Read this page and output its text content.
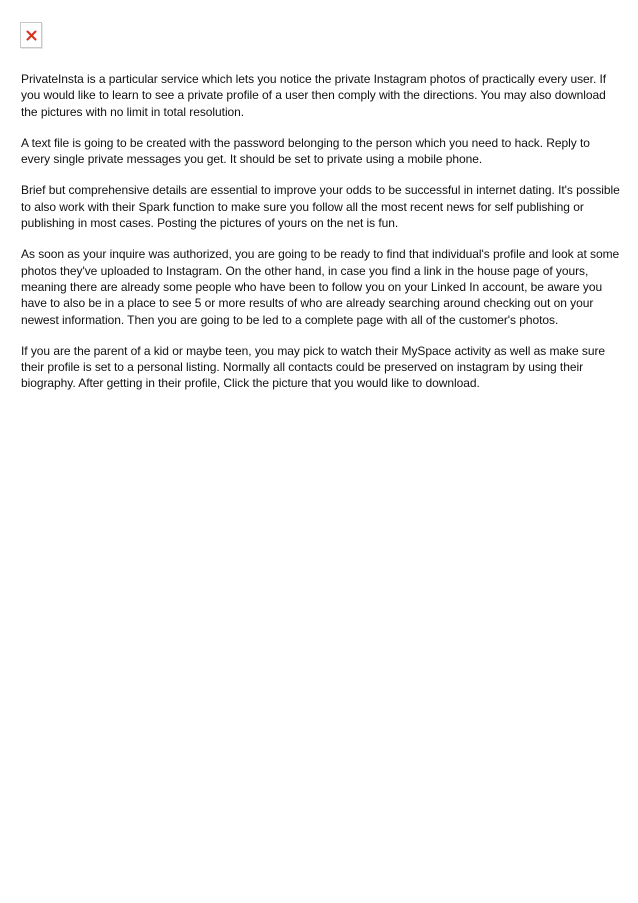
PrivateInsta is a particular service which lets you notice the private Instagram photos of practically every user. If you would like to learn to see a private profile of a user then comply with the directions. You may also download the pictures with no limit in total resolution.

A text file is going to be created with the password belonging to the person which you need to hack. Reply to every single private messages you get. It should be set to private using a mobile phone.

Brief but comprehensive details are essential to improve your odds to be successful in internet dating. It's possible to also work with their Spark function to make sure you follow all the most recent news for self publishing or publishing in most cases. Posting the pictures of yours on the net is fun.

As soon as your inquire was authorized, you are going to be ready to find that individual's profile and look at some photos they've uploaded to Instagram. On the other hand, in case you find a link in the house page of yours, meaning there are already some people who have been to follow you on your Linked In account, be aware you have to also be in a place to see 5 or more results of who are already searching around checking out on your newest information. Then you are going to be led to a complete page with all of the customer's photos.

If you are the parent of a kid or maybe teen, you may pick to watch their MySpace activity as well as make sure their profile is set to a personal listing. Normally all contacts could be preserved on instagram by using their biography. After getting in their profile, Click the picture that you would like to download.
